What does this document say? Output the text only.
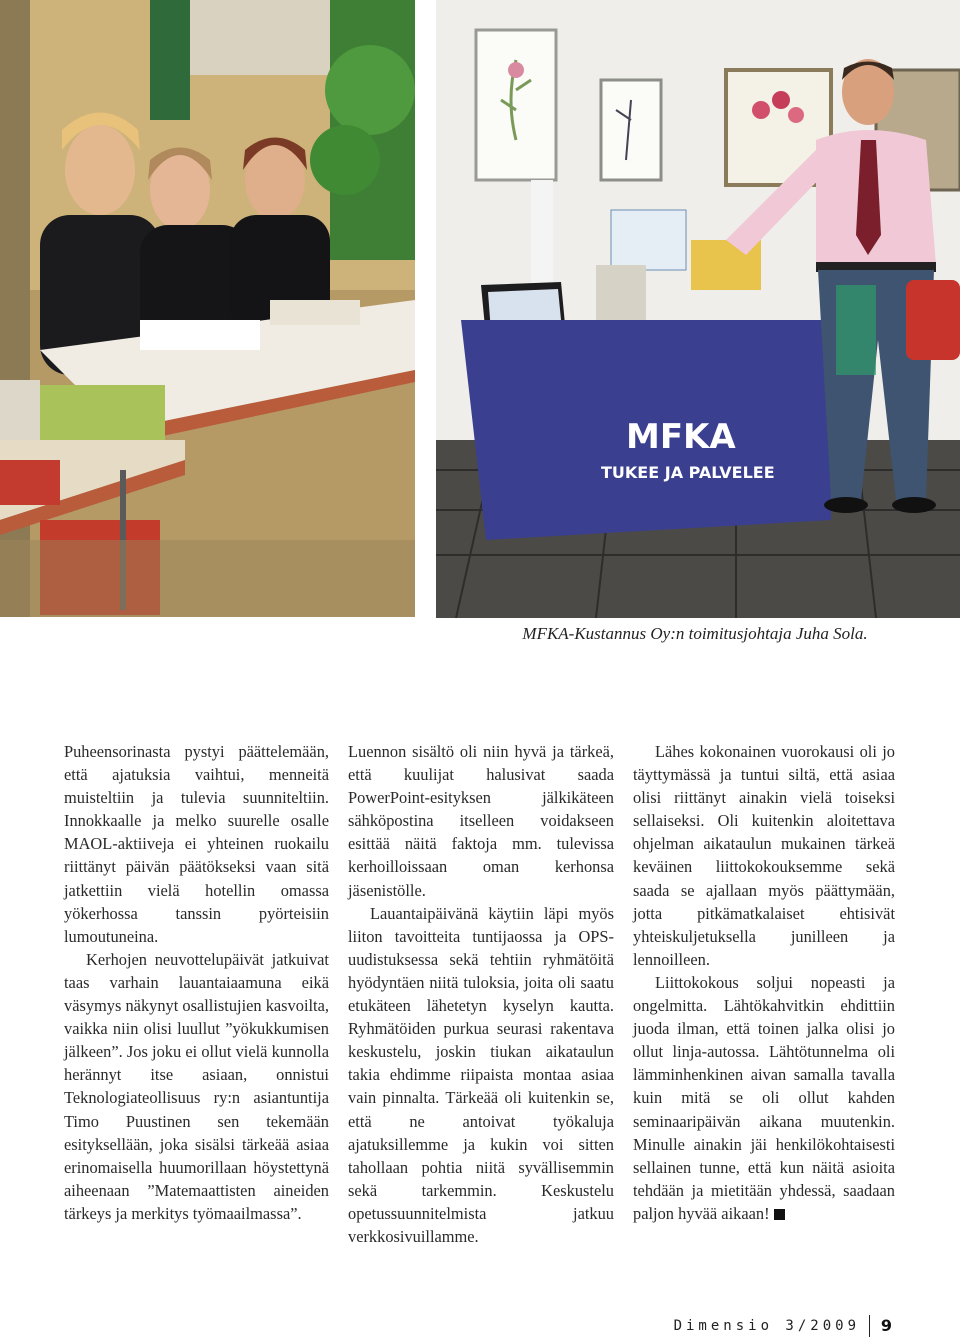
MFKA
TUKEE JA PALVELEE
MFKA-Kustannus Oy:n toimitusjohtaja Juha Sola.

Puheensorinasta pystyi päättelemään, että ajatuksia vaihtui, menneitä muisteltiin ja tulevia suunniteltiin. Innokkaalle ja melko suurelle osalle MAOL-aktiiveja ei yhteinen ruokailu riittänyt päivän päätökseksi vaan sitä jatkettiin vielä hotellin omassa yökerhossa tanssin pyörteisiin lumoutuneina.

Kerhojen neuvottelupäivät jatkuivat taas varhain lauantaiaamuna eikä väsymys näkynyt osallistujien kasvoilta, vaikka niin olisi luullut ”yökukkumisen jälkeen”. Jos joku ei ollut vielä kunnolla herännyt itse asiaan, onnistui Teknologiateollisuus ry:n asiantuntija Timo Puustinen sen tekemään esityksellään, joka sisälsi tärkeää asiaa erinomaisella huumorillaan höystettynä aiheenaan ”Matemaattisten aineiden tärkeys ja merkitys työmaailmassa”.

Luennon sisältö oli niin hyvä ja tärkeä, että kuulijat halusivat saada PowerPoint-esityksen jälkikäteen sähköpostina itselleen voidakseen esittää näitä faktoja mm. tulevissa kerhoilloissaan oman kerhonsa jäsenistölle.

Lauantaipäivänä käytiin läpi myös liiton tavoitteita tuntijaossa ja OPS-uudistuksessa sekä tehtiin ryhmätöitä hyödyntäen niitä tuloksia, joita oli saatu etukäteen lähetetyn kyselyn kautta. Ryhmätöiden purkua seurasi rakentava keskustelu, joskin tiukan aikataulun takia ehdimme riipaista montaa asiaa vain pinnalta. Tärkeää oli kuitenkin se, että ne antoivat työkaluja ajatuksillemme ja kukin voi sitten tahollaan pohtia niitä syvällisemmin sekä tarkemmin. Keskustelu opetussuunnitelmista jatkuu verkkosivuillamme.

Lähes kokonainen vuorokausi oli jo täyttymässä ja tuntui siltä, että asiaa olisi riittänyt ainakin vielä toiseksi sellaiseksi. Oli kuitenkin aloitettava ohjelman aikataulun mukainen tärkeä keväinen liittokokouksemme sekä saada se ajallaan myös päättymään, jotta pitkämatkalaiset ehtisivät yhteiskuljetuksella junilleen ja lennoilleen.

Liittokokous soljui nopeasti ja ongelmitta. Lähtökahvitkin ehdittiin juoda ilman, että toinen jalka olisi jo ollut linja-autossa. Lähtötunnelma oli lämminhenkinen aivan samalla tavalla kuin mitä se oli ollut kahden seminaaripäivän aikana muutenkin. Minulle ainakin jäi henkilökohtaisesti sellainen tunne, että kun näitä asioita tehdään ja mietitään yhdessä, saadaan paljon hyvää aikaan!

Dimensio 3/2009 9
